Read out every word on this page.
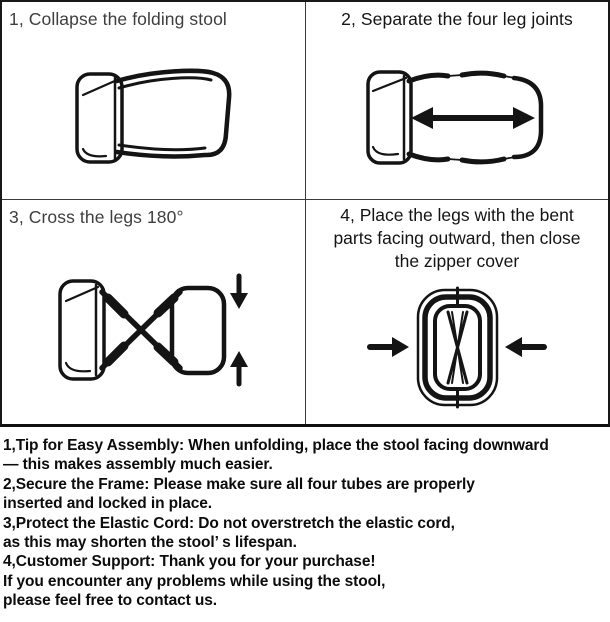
1, Collapse the folding stool	2, Separate the four leg joints
3, Cross the legs 180°	4, Place the legs with the bent
parts facing outward, then close
the zipper cover
1,Tip for Easy Assembly: When unfolding, place the stool facing downward
— this makes assembly much easier.
2,Secure the Frame: Please make sure all four tubes are properly
inserted and locked in place.
3,Protect the Elastic Cord: Do not overstretch the elastic cord,
as this may shorten the stool’ s lifespan.
4,Customer Support: Thank you for your purchase!
If you encounter any problems while using the stool,
please feel free to contact us.
